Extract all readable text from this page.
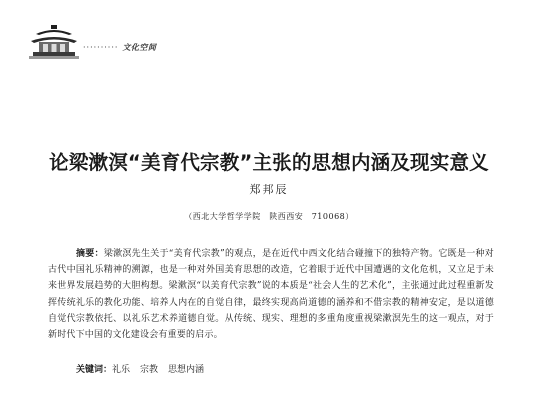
·········· 文化空间
论梁漱溟“美育代宗教”主张的思想内涵及现实意义
郑邦辰
（西北大学哲学学院　陕西西安　710068）
摘要：梁漱溟先生关于“美育代宗教”的观点，是在近代中西文化结合碰撞下的独特产物。它既是一种对古代中国礼乐精神的溯源，也是一种对外国美育思想的改造，它着眼于近代中国遭遇的文化危机，又立足于未来世界发展趋势的大胆构想。梁漱溟“以美育代宗教”说的本质是“社会人生的艺术化”，主张通过此过程重新发挥传统礼乐的教化功能、培养人内在的自觉自律，最终实现高尚道德的涵养和不借宗教的精神安定，是以道德自觉代宗教依托、以礼乐艺术养道德自觉。从传统、现实、理想的多重角度重视梁漱溟先生的这一观点，对于新时代下中国的文化建设会有重要的启示。
关键词：礼乐 宗教 思想内涵
